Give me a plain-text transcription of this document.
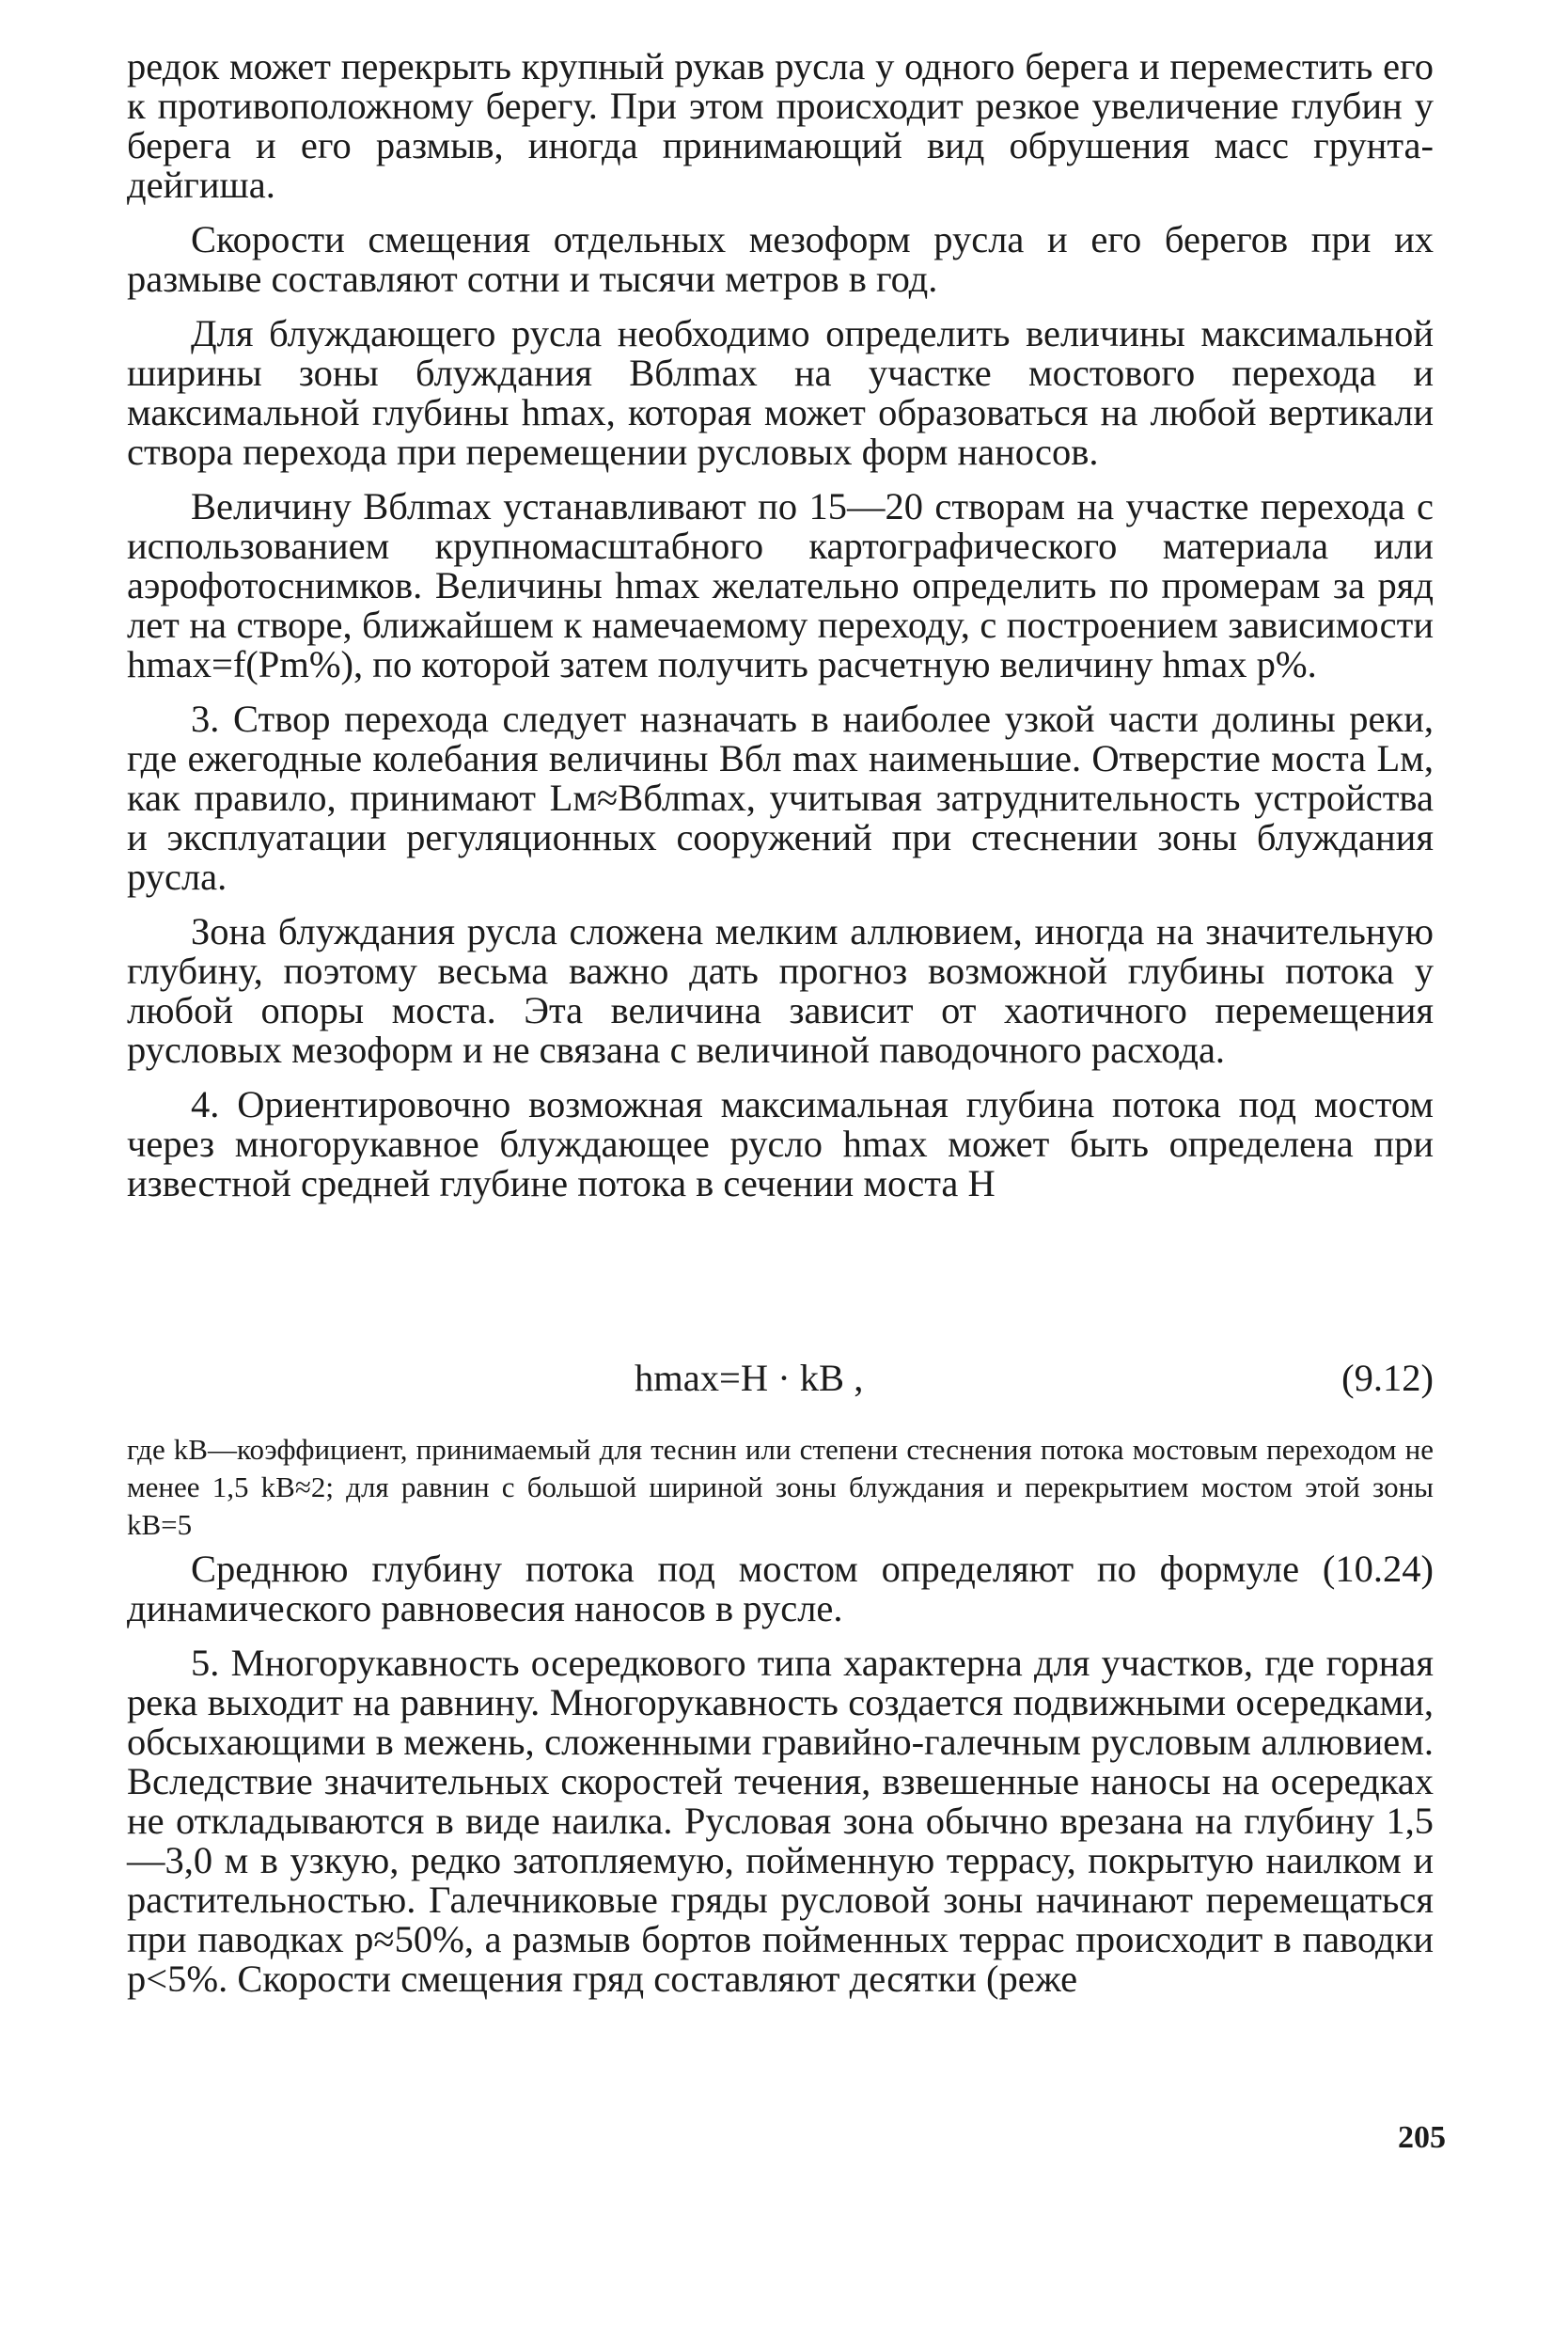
редок может перекрыть крупный рукав русла у одного берега и переместить его к противоположному берегу. При этом происходит резкое увеличение глубин у берега и его размыв, иногда принимающий вид обрушения масс грунта-дейгиша.

Скорости смещения отдельных мезоформ русла и его берегов при их размыве составляют сотни и тысячи метров в год.

Для блуждающего русла необходимо определить величины максимальной ширины зоны блуждания Bблmax на участке мостового перехода и максимальной глубины hmax, которая может образоваться на любой вертикали створа перехода при перемещении русловых форм наносов.

Величину Bблmax устанавливают по 15—20 створам на участке перехода с использованием крупномасштабного картографического материала или аэрофотоснимков. Величины hmax желательно определить по промерам за ряд лет на створе, ближайшем к намечаемому переходу, с построением зависимости hmax=f(Pm%), по которой затем получить расчетную величину hmax p%.

3. Створ перехода следует назначать в наиболее узкой части долины реки, где ежегодные колебания величины Bбл max наименьшие. Отверстие моста Lм, как правило, принимают Lм≈Bблmax, учитывая затруднительность устройства и эксплуатации регуляционных сооружений при стеснении зоны блуждания русла.

Зона блуждания русла сложена мелким аллювием, иногда на значительную глубину, поэтому весьма важно дать прогноз возможной глубины потока у любой опоры моста. Эта величина зависит от хаотичного перемещения русловых мезоформ и не связана с величиной паводочного расхода.

4. Ориентировочно возможная максимальная глубина потока под мостом через многорукавное блуждающее русло hmax может быть определена при известной средней глубине потока в сечении моста H

hmax=H · kB ,	(9.12)

где kB—коэффициент, принимаемый для теснин или степени стеснения потока мостовым переходом не менее 1,5 kB≈2; для равнин с большой шириной зоны блуждания и перекрытием мостом этой зоны kB=5

Среднюю глубину потока под мостом определяют по формуле (10.24) динамического равновесия наносов в русле.

5. Многорукавность осередкового типа характерна для участков, где горная река выходит на равнину. Многорукавность создается подвижными осередками, обсыхающими в межень, сложенными гравийно-галечным русловым аллювием. Вследствие значительных скоростей течения, взвешенные наносы на осередках не откладываются в виде наилка. Русловая зона обычно врезана на глубину 1,5—3,0 м в узкую, редко затопляемую, пойменную террасу, покрытую наилком и растительностью. Галечниковые гряды русловой зоны начинают перемещаться при паводках p≈50%, а размыв бортов пойменных террас происходит в паводки p<5%. Скорости смещения гряд составляют десятки (реже

205
